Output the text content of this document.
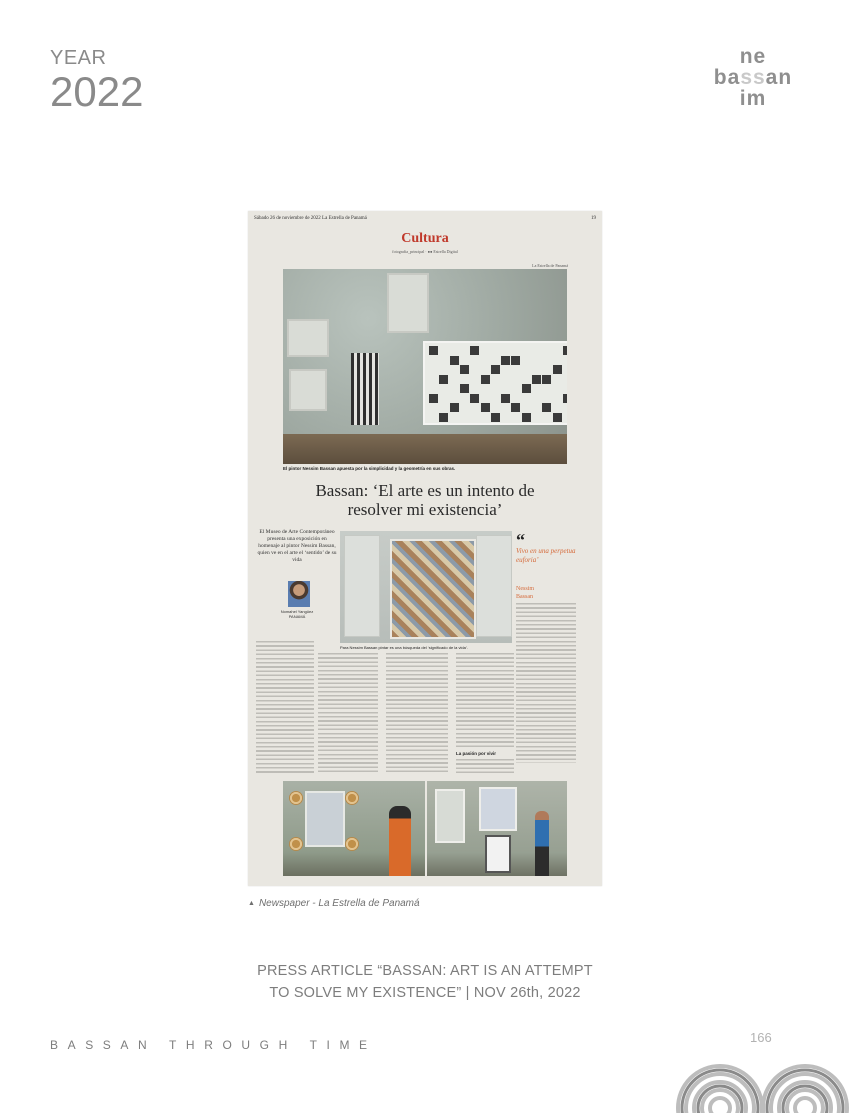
YEAR
2022
ne
bassan
im
Sábado 26 de noviembre de 2022 La Estrella de Panamá	19
Cultura
fotografia_principal · ●● Estrella Digital
La Estrella de Panamá
El pintor Nessim Bassan apuesta por la simplicidad y la geometría en sus obras.
Bassan: ‘El arte es un intento de
resolver mi existencia’
El Museo de Arte Contemporáneo presenta una exposición en homenaje al pintor Nessim Bassan, quien ve en el arte el ‘sentido’ de su vida
Nomahel Yangüez
PANAMÁ
Para Nessim Bassan pintar es una búsqueda del ‘significado de la vida’.
“
Vivo en una perpetua euforia’
Nessim
Bassan
La pasión por vivir
▲ Newspaper - La Estrella de Panamá
PRESS ARTICLE “BASSAN: ART IS AN ATTEMPT
TO SOLVE MY EXISTENCE” | NOV 26th, 2022
BASSAN THROUGH TIME	166
